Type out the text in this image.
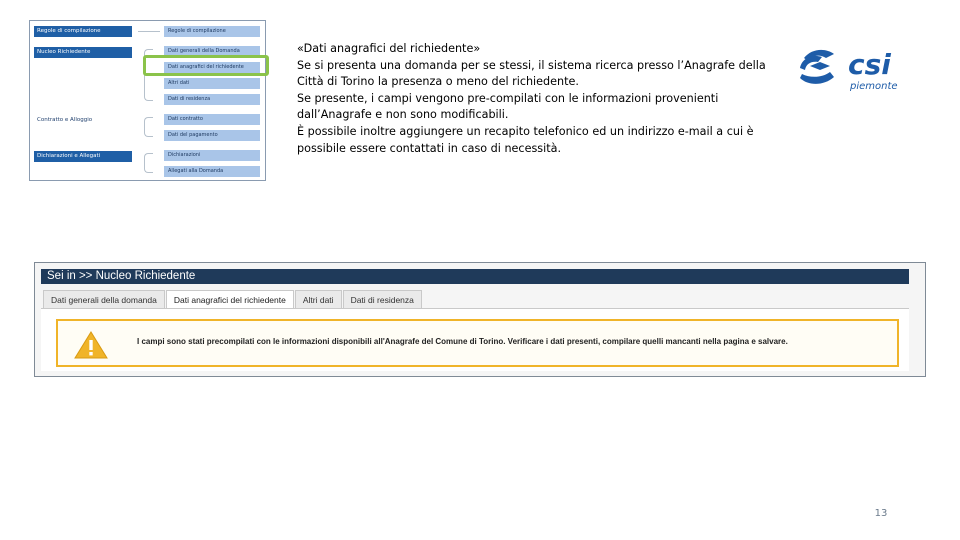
Regole di compilazione
Nucleo Richiedente
Contratto e Alloggio
Dichiarazioni e Allegati
Regole di compilazione
Dati generali della Domanda
Dati anagrafici del richiedente
Altri dati
Dati di residenza
Dati contratto
Dati del pagamento
Dichiarazioni
Allegati alla Domanda
«Dati anagrafici del richiedente»
Se si presenta una domanda per se stessi, il sistema ricerca presso l’Anagrafe della
Città di Torino la presenza o meno del richiedente.
Se presente, i campi vengono pre-compilati con le informazioni provenienti
dall’Anagrafe e non sono modificabili.
È possibile inoltre aggiungere un recapito telefonico ed un indirizzo e-mail a cui è
possibile essere contattati in caso di necessità.
csi
piemonte
Sei in >> Nucleo Richiedente
Dati generali della domanda	Dati anagrafici del richiedente	Altri dati	Dati di residenza
I campi sono stati precompilati con le informazioni disponibili all'Anagrafe del Comune di Torino. Verificare i dati presenti, compilare quelli mancanti nella pagina e salvare.
13
